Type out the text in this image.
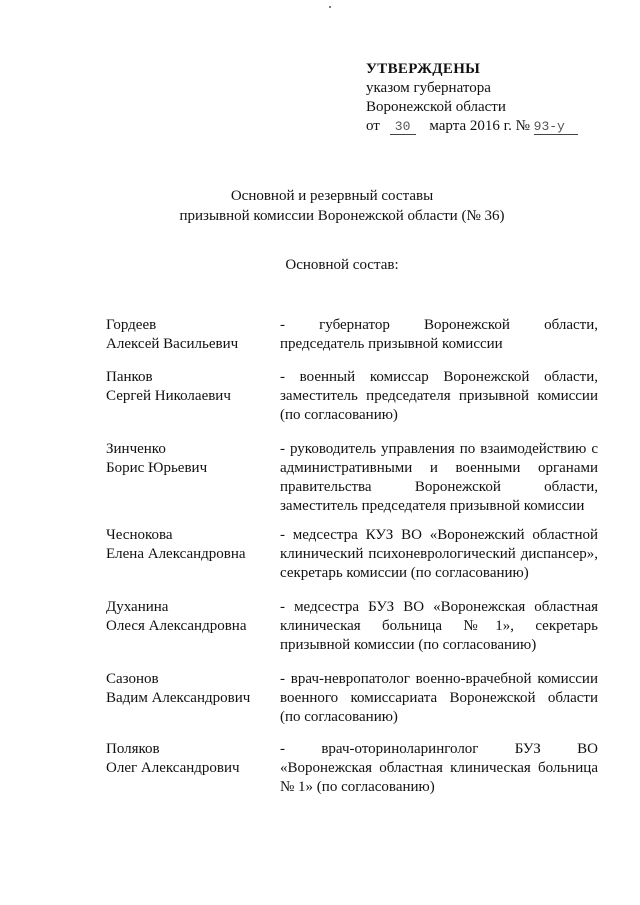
УТВЕРЖДЕНЫ
указом губернатора
Воронежской области
от 30 марта 2016 г. № 93-у
Основной и резервный составы
призывной комиссии Воронежской области (№ 36)
Основной состав:
Гордеев
Алексей Васильевич
- губернатор Воронежской области,
председатель призывной комиссии
Панков
Сергей Николаевич
- военный комиссар Воронежской области,
заместитель председателя призывной комиссии
(по согласованию)
Зинченко
Борис Юрьевич
- руководитель управления по взаимодействию с
административными и военными органами
правительства Воронежской области,
заместитель председателя призывной комиссии
Чеснокова
Елена Александровна
- медсестра КУЗ ВО «Воронежский областной
клинический психоневрологический диспансер»,
секретарь комиссии (по согласованию)
Духанина
Олеся Александровна
- медсестра БУЗ ВО «Воронежская областная
клиническая больница №1», секретарь
призывной комиссии (по согласованию)
Сазонов
Вадим Александрович
- врач-невропатолог военно-врачебной комиссии
военного комиссариата Воронежской области
(по согласованию)
Поляков
Олег Александрович
- врач-оториноларинголог БУЗ ВО
«Воронежская областная клиническая больница
№ 1» (по согласованию)
